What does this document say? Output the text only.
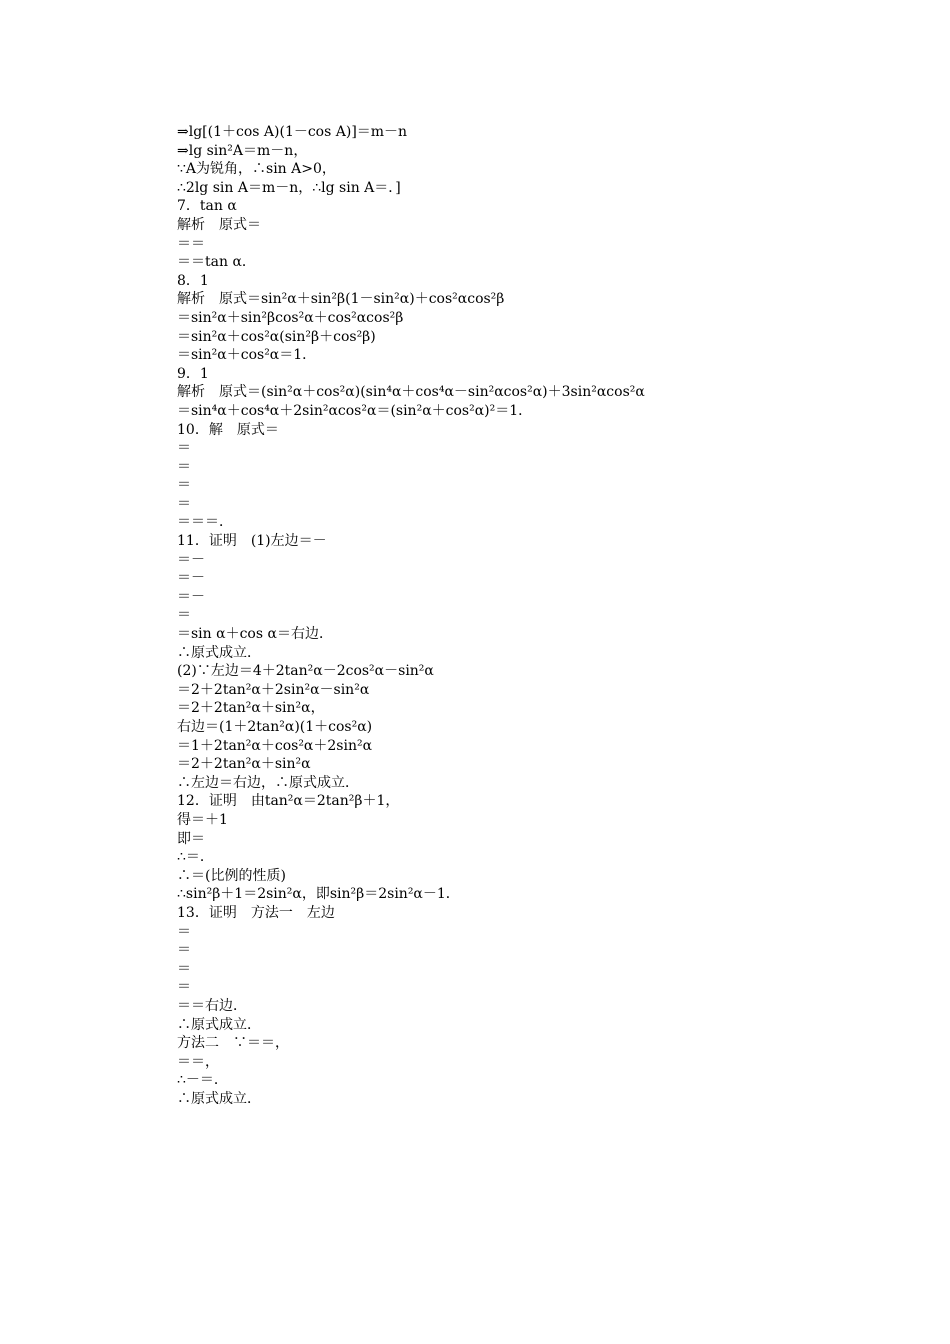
⇒lg[(1＋cos A)(1－cos A)]＝m－n
⇒lg sin²A＝m－n，
∵A为锐角，∴sin A>0，
∴2lg sin A＝m－n，∴lg sin A＝．]
7．tan α
解析　原式＝
＝＝
＝＝tan α．
8．1
解析　原式＝sin²α＋sin²β(1－sin²α)＋cos²αcos²β
＝sin²α＋sin²βcos²α＋cos²αcos²β
＝sin²α＋cos²α(sin²β＋cos²β)
＝sin²α＋cos²α＝1．
9．1
解析　原式＝(sin²α＋cos²α)(sin⁴α＋cos⁴α－sin²αcos²α)＋3sin²αcos²α
＝sin⁴α＋cos⁴α＋2sin²αcos²α＝(sin²α＋cos²α)²＝1．
10．解　原式＝
＝
＝
＝
＝
＝＝＝．
11．证明　(1)左边＝－
＝－
＝－
＝－
＝
＝sin α＋cos α＝右边．
∴原式成立．
(2)∵左边＝4＋2tan²α－2cos²α－sin²α
＝2＋2tan²α＋2sin²α－sin²α
＝2＋2tan²α＋sin²α，
右边＝(1＋2tan²α)(1＋cos²α)
＝1＋2tan²α＋cos²α＋2sin²α
＝2＋2tan²α＋sin²α
∴左边＝右边，∴原式成立．
12．证明　由tan²α＝2tan²β＋1，
得＝＋1
即＝
∴＝．
∴＝(比例的性质)
∴sin²β＋1＝2sin²α，即sin²β＝2sin²α－1．
13．证明　方法一　左边
＝
＝
＝
＝
＝＝右边．
∴原式成立．
方法二　∵＝＝，
＝＝，
∴－＝．
∴原式成立．
